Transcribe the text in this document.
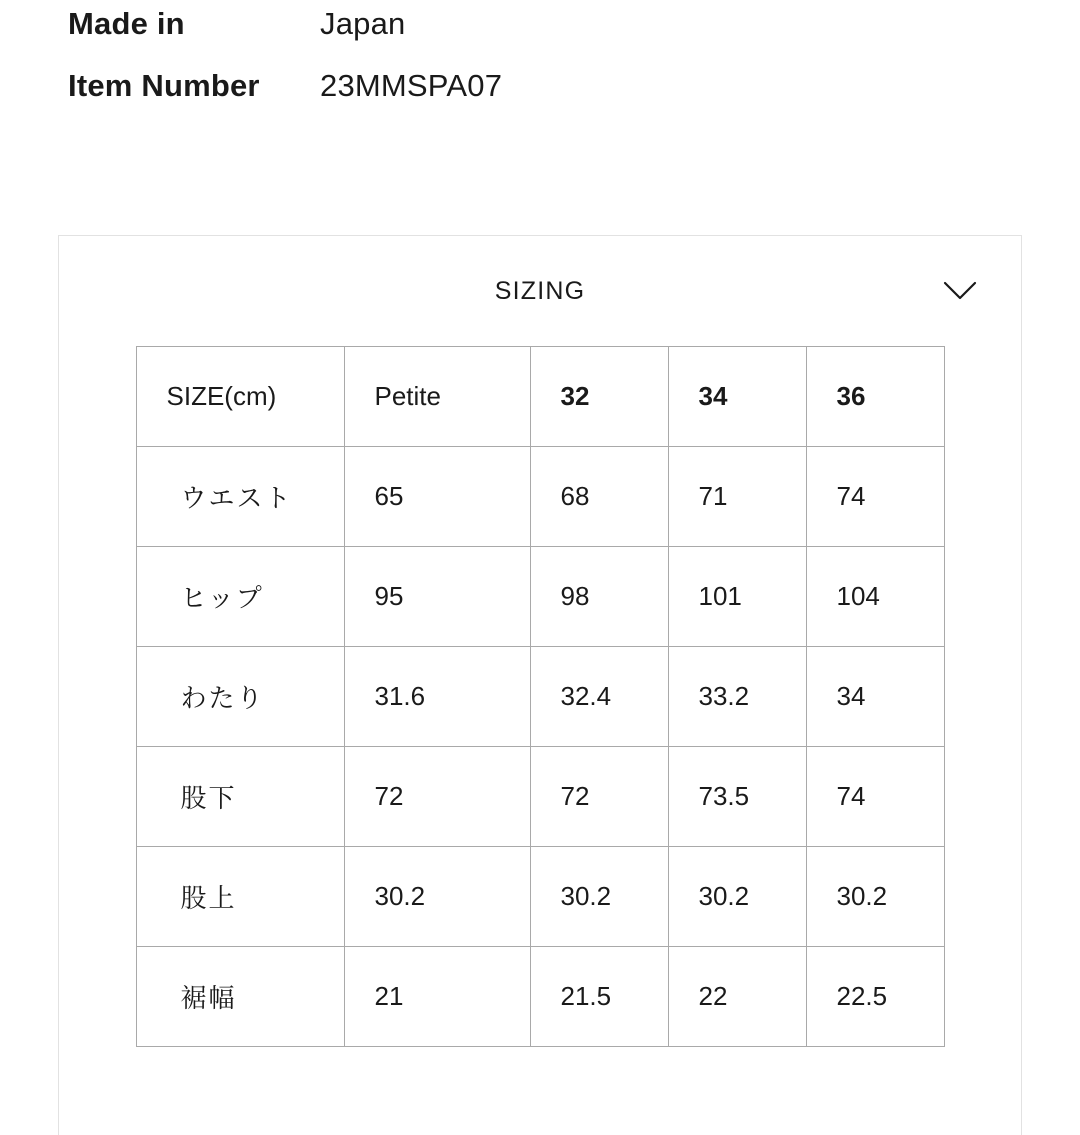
Made in	Japan
Item Number	23MMSPA07
SIZING
SIZE(cm)	Petite	32	34	36
ウエスト	65	68	71	74
ヒップ	95	98	101	104
わたり	31.6	32.4	33.2	34
股下	72	72	73.5	74
股上	30.2	30.2	30.2	30.2
裾幅	21	21.5	22	22.5
